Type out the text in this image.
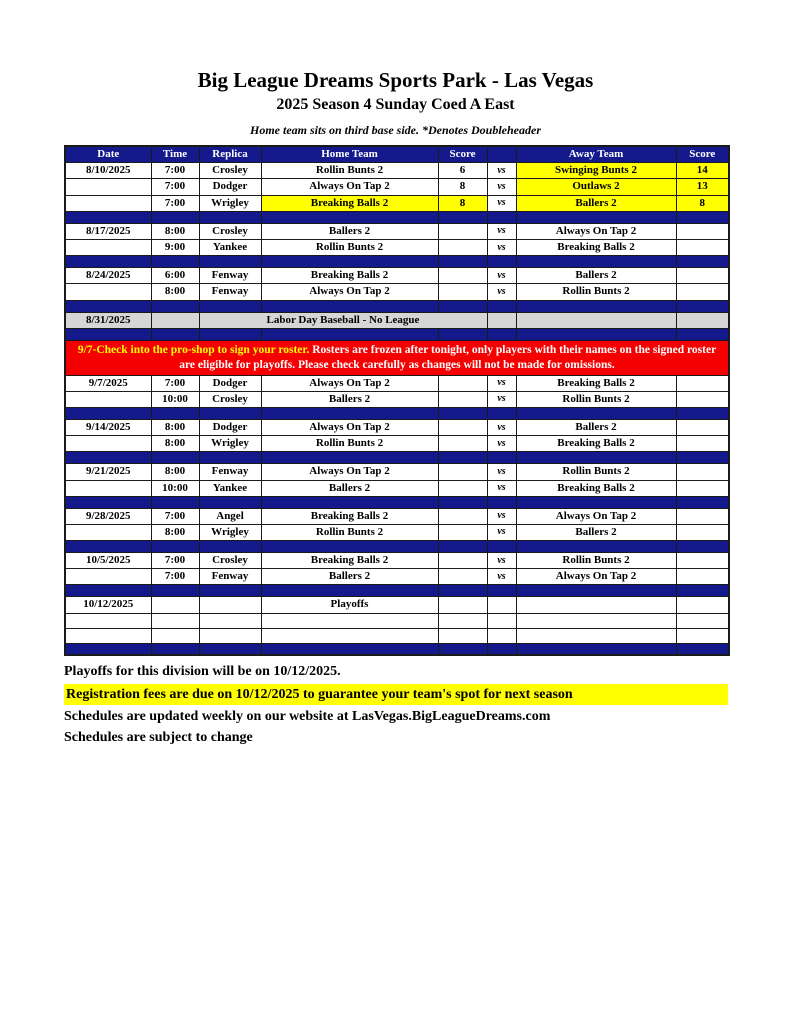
Big League Dreams Sports Park - Las Vegas
2025 Season 4 Sunday Coed A East
Home team sits on third base side. *Denotes Doubleheader
Date	Time	Replica	Home Team	Score		Away Team	Score
8/10/2025	7:00	Crosley	Rollin Bunts 2	6	vs	Swinging Bunts 2	14
	7:00	Dodger	Always On Tap 2	8	vs	Outlaws 2	13
	7:00	Wrigley	Breaking Balls 2	8	vs	Ballers 2	8

8/17/2025	8:00	Crosley	Ballers 2		vs	Always On Tap 2	
	9:00	Yankee	Rollin Bunts 2		vs	Breaking Balls 2	

8/24/2025	6:00	Fenway	Breaking Balls 2		vs	Ballers 2	
	8:00	Fenway	Always On Tap 2		vs	Rollin Bunts 2	

8/31/2025		Labor Day Baseball - No League					

9/7-Check into the pro-shop to sign your roster. Rosters are frozen after tonight, only players with their names on the signed roster are eligible for playoffs. Please check carefully as changes will not be made for omissions.							
9/7/2025	7:00	Dodger	Always On Tap 2		vs	Breaking Balls 2	
	10:00	Crosley	Ballers 2		vs	Rollin Bunts 2	

9/14/2025	8:00	Dodger	Always On Tap 2		vs	Ballers 2	
	8:00	Wrigley	Rollin Bunts 2		vs	Breaking Balls 2	

9/21/2025	8:00	Fenway	Always On Tap 2		vs	Rollin Bunts 2	
	10:00	Yankee	Ballers 2		vs	Breaking Balls 2	

9/28/2025	7:00	Angel	Breaking Balls 2		vs	Always On Tap 2	
	8:00	Wrigley	Rollin Bunts 2		vs	Ballers 2	

10/5/2025	7:00	Crosley	Breaking Balls 2		vs	Rollin Bunts 2	
	7:00	Fenway	Ballers 2		vs	Always On Tap 2	

10/12/2025			Playoffs				

Playoffs for this division will be on 10/12/2025.
Registration fees are due on 10/12/2025 to guarantee your team's spot for next season
Schedules are updated weekly on our website at LasVegas.BigLeagueDreams.com
Schedules are subject to change
